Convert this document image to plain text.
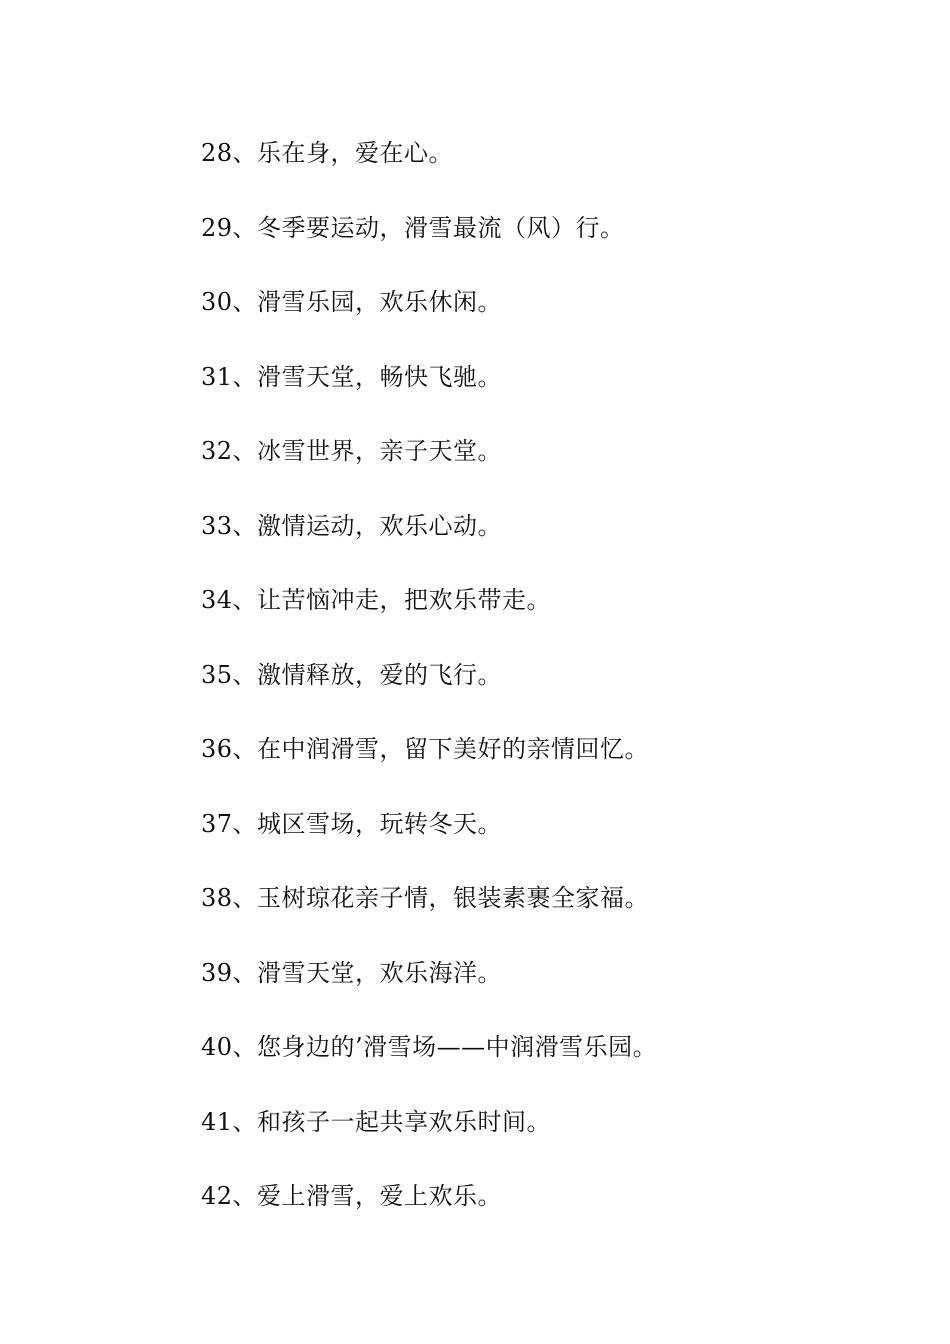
28、乐在身，爱在心。
29、冬季要运动，滑雪最流（风）行。
30、滑雪乐园，欢乐休闲。
31、滑雪天堂，畅快飞驰。
32、冰雪世界，亲子天堂。
33、激情运动，欢乐心动。
34、让苦恼冲走，把欢乐带走。
35、激情释放，爱的飞行。
36、在中润滑雪，留下美好的亲情回忆。
37、城区雪场，玩转冬天。
38、玉树琼花亲子情，银装素裹全家福。
39、滑雪天堂，欢乐海洋。
40、您身边的’滑雪场——中润滑雪乐园。
41、和孩子一起共享欢乐时间。
42、爱上滑雪，爱上欢乐。
